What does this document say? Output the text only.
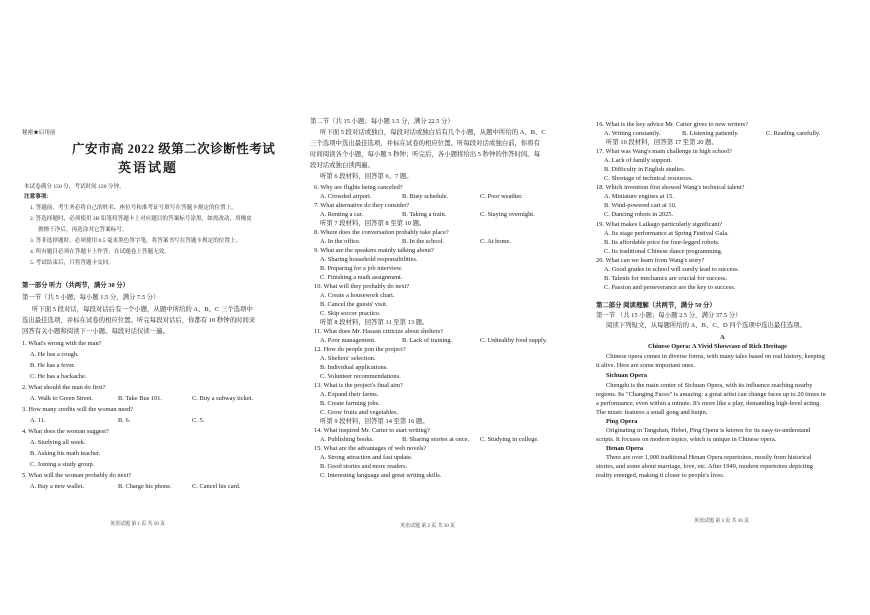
秘密★启用前
广安市高 2022 级第二次诊断性考试
英语试题
本试卷满分 150 分，考试时间 120 分钟。
注意事项：
1. 答题前，考生务必将自己的姓名、座位号和准考证号填写在答题卡规定的位置上。
2. 答选择题时，必须使用 2B 铅笔将答题卡上对应题目的答案标号涂黑，如需改动，用橡皮
擦擦干净后，再选涂其它答案标号。
3. 答非选择题时，必须使用 0.5 毫米黑色签字笔，将答案书写在答题卡规定的位置上。
4. 所有题目必须在答题卡上作答，在试题卷上答题无效。
5. 考试结束后，只将答题卡交回。
第一部分 听力（共两节，满分 30 分）
第一节（共 5 小题；每小题 1.5 分，满分 7.5 分）
听下面 5 段对话，每段对话后有一个小题，从题中所给的 A、B、C 三个选项中
选出最佳选项，并标在试卷的相应位置。听完每段对话后，你都有 10 秒钟的时间来
回答有关小题和阅读下一小题。每段对话仅读一遍。
1. What's wrong with the man?
A. He has a cough.
B. He has a fever.
C. He has a backache.
2. What should the man do first?
A. Walk to Green Street.	B. Take Bus 101.	C. Buy a subway ticket.
3. How many credits will the woman need?
A. 11.	B. 6.	C. 5.
4. What does the woman suggest?
A. Studying all week.
B. Asking his math teacher.
C. Joining a study group.
5. What will the woman probably do next?
A. Buy a new wallet.	B. Charge his phone.	C. Cancel his card.
英语试题 第 1 页 共 10 页
第二节（共 15 小题；每小题 1.5 分，满分 22.5 分）
听下面 5 段对话或独白，每段对话或独白后有几个小题，从题中所给的 A、B、C
三个选项中选出最佳选项，并标在试卷的相应位置。听每段对话或独白前，你将有
时间阅读各个小题，每小题 5 秒钟；听完后，各小题将给出 5 秒钟的作答时间。每
段对话或独白读两遍。
听第 6 段材料，回答第 6、7 题。
6. Why are flights being canceled?
A. Crowded airport.	B. Busy schedule.	C. Poor weather.
7. What alternative do they consider?
A. Renting a car.	B. Taking a train.	C. Staying overnight.
听第 7 段材料，回答第 8 至第 10 题。
8. Where does the conversation probably take place?
A. In the office.	B. In the school.	C. At home.
9. What are the speakers mainly talking about?
A. Sharing household responsibilities.
B. Preparing for a job interview.
C. Finishing a math assignment.
10. What will they probably do next?
A. Create a housework chart.
B. Cancel the guests' visit.
C. Skip soccer practice.
听第 8 段材料，回答第 11 至第 13 题。
11. What does Mr. Hassan criticize about shelters?
A. Poor management.	B. Lack of training.	C. Unhealthy food supply.
12. How do people join the project?
A. Shelters' selection.
B. Individual applications.
C. Volunteer recommendations.
13. What is the project's final aim?
A. Expand their farms.
B. Create farming jobs.
C. Grow fruits and vegetables.
听第 9 段材料，回答第 14 至第 16 题。
14. What inspired Mr. Carter to start writing?
A. Publishing books.	B. Sharing stories at once. C. Studying in college.
15. What are the advantages of web novels?
A. Strong attraction and fast update.
B. Good stories and more readers.
C. Interesting language and great writing skills.
英语试题 第 2 页 共 10 页
16. What is the key advice Mr. Carter gives to new writers?
A. Writing constantly.	B. Listening patiently.	C. Reading carefully.
听第 10 段材料，回答第 17 至第 20 题。
17. What was Wang's main challenge in high school?
A. Lack of family support.
B. Difficulty in English studies.
C. Shortage of technical resources.
18. Which invention first showed Wang's technical talent?
A. Miniature engines at 15.
B. Wind-powered cart at 10.
C. Dancing robots in 2025.
19. What makes Laikago particularly significant?
A. Its stage performance at Spring Festival Gala.
B. Its affordable price for four-legged robots.
C. Its traditional Chinese dance programming.
20. What can we learn from Wang's story?
A. Good grades in school will surely lead to success.
B. Talents for mechanics are crucial for success.
C. Passion and perseverance are the key to success.
第二部分 阅读理解（共两节，满分 50 分）
第一节 （共 15 小题；每小题 2.5 分，满分 37.5 分）
阅读下列短文，从每题所给的 A、B、C、D 四个选项中选出最佳选项。
A
Chinese Opera: A Vivid Showcase of Rich Heritage
Chinese opera comes in diverse forms, with many tales based on real history, keeping
it alive. Here are some important ones.
Sichuan Opera
Chengdu is the main center of Sichuan Opera, with its influence reaching nearby
regions. Its "Changing Faces" is amazing: a great artist can change faces up to 20 times in
a performance, even within a minute. It's more like a play, demanding high-level acting.
The music features a small gong and huqin.
Ping Opera
Originating in Tangshan, Hebei, Ping Opera is known for its easy-to-understand
scripts. It focuses on modern topics, which is unique in Chinese opera.
Henan Opera
There are over 1,000 traditional Henan Opera repertoires, mostly from historical
stories, and some about marriage, love, etc. After 1949, modern repertoires depicting
reality emerged, making it closer to people's lives.
英语试题 第 3 页 共 10 页
